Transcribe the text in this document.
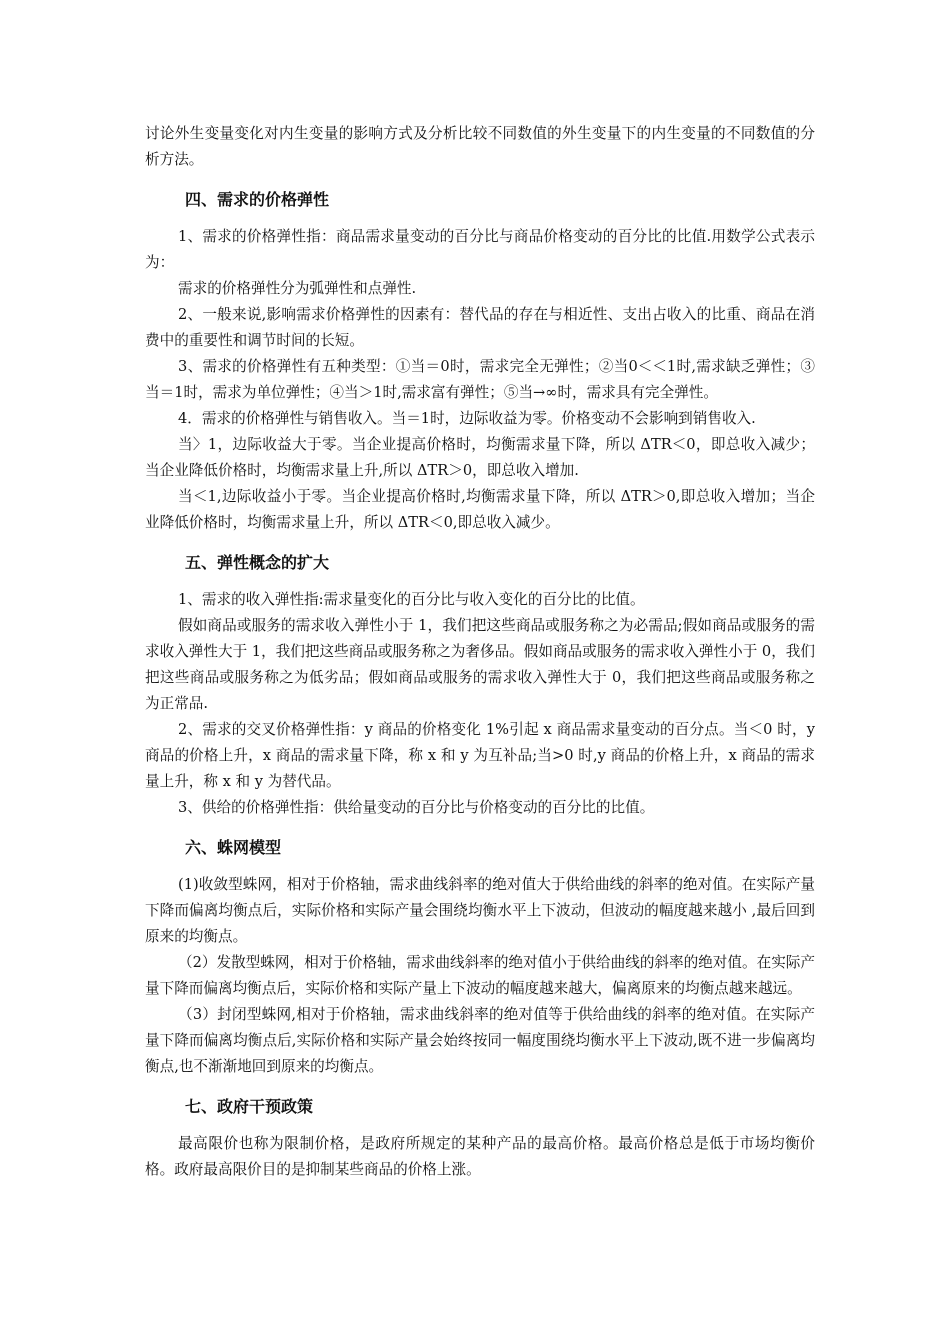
讨论外生变量变化对内生变量的影响方式及分析比较不同数值的外生变量下的内生变量的不同数值的分析方法。

四、需求的价格弹性

1、需求的价格弹性指：商品需求量变动的百分比与商品价格变动的百分比的比值.用数学公式表示为：

需求的价格弹性分为弧弹性和点弹性.

2、一般来说,影响需求价格弹性的因素有：替代品的存在与相近性、支出占收入的比重、商品在消费中的重要性和调节时间的长短。

3、需求的价格弹性有五种类型：①当＝0时，需求完全无弹性；②当0＜＜1时,需求缺乏弹性；③当＝1时，需求为单位弹性；④当＞1时,需求富有弹性；⑤当→∞时，需求具有完全弹性。

4．需求的价格弹性与销售收入。当＝1时，边际收益为零。价格变动不会影响到销售收入.

当〉1，边际收益大于零。当企业提高价格时，均衡需求量下降，所以 ΔTR＜0，即总收入减少；当企业降低价格时，均衡需求量上升,所以 ΔTR＞0，即总收入增加.

当＜1,边际收益小于零。当企业提高价格时,均衡需求量下降，所以 ΔTR＞0,即总收入增加；当企业降低价格时，均衡需求量上升，所以 ΔTR＜0,即总收入减少。

五、弹性概念的扩大

1、需求的收入弹性指:需求量变化的百分比与收入变化的百分比的比值。

假如商品或服务的需求收入弹性小于 1，我们把这些商品或服务称之为必需品;假如商品或服务的需求收入弹性大于 1，我们把这些商品或服务称之为奢侈品。假如商品或服务的需求收入弹性小于 0，我们把这些商品或服务称之为低劣品；假如商品或服务的需求收入弹性大于 0，我们把这些商品或服务称之为正常品.

2、需求的交叉价格弹性指：y 商品的价格变化 1%引起 x 商品需求量变动的百分点。当＜0 时，y 商品的价格上升，x 商品的需求量下降，称 x 和 y 为互补品;当>0 时,y 商品的价格上升，x 商品的需求量上升，称 x 和 y 为替代品。

3、供给的价格弹性指：供给量变动的百分比与价格变动的百分比的比值。

六、蛛网模型

(1)收敛型蛛网，相对于价格轴，需求曲线斜率的绝对值大于供给曲线的斜率的绝对值。在实际产量下降而偏离均衡点后，实际价格和实际产量会围绕均衡水平上下波动，但波动的幅度越来越小 ,最后回到原来的均衡点。

（2）发散型蛛网，相对于价格轴，需求曲线斜率的绝对值小于供给曲线的斜率的绝对值。在实际产量下降而偏离均衡点后，实际价格和实际产量上下波动的幅度越来越大，偏离原来的均衡点越来越远。

（3）封闭型蛛网,相对于价格轴，需求曲线斜率的绝对值等于供给曲线的斜率的绝对值。在实际产量下降而偏离均衡点后,实际价格和实际产量会始终按同一幅度围绕均衡水平上下波动,既不进一步偏离均衡点,也不渐渐地回到原来的均衡点。

七、政府干预政策

最高限价也称为限制价格，是政府所规定的某种产品的最高价格。最高价格总是低于市场均衡价格。政府最高限价目的是抑制某些商品的价格上涨。
